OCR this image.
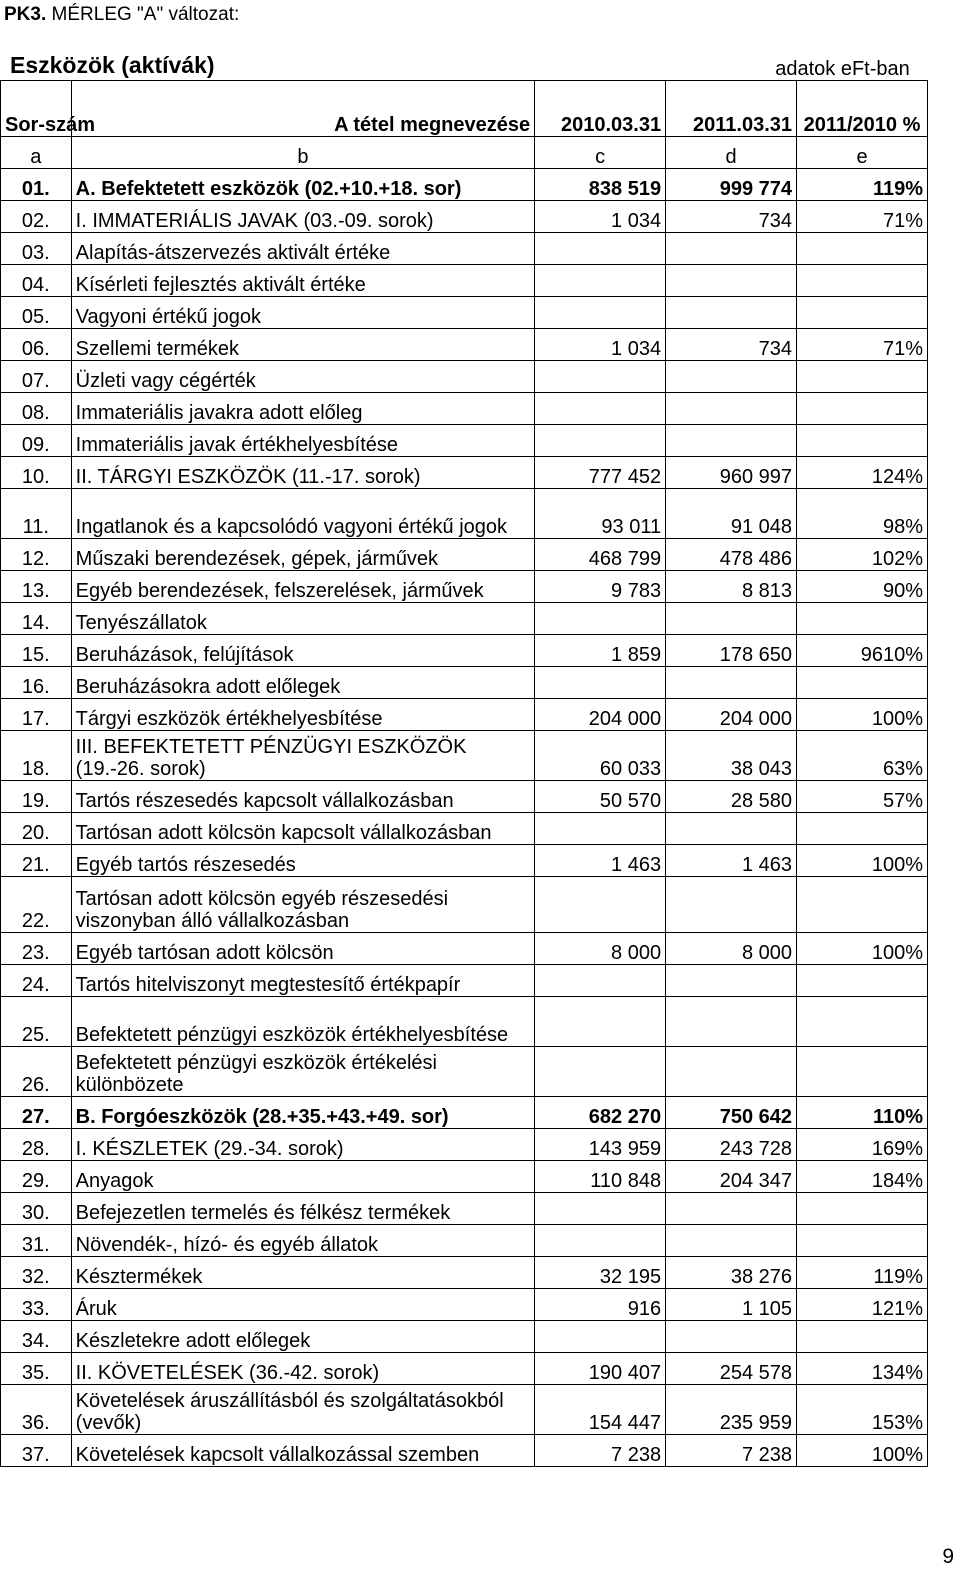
PK3. MÉRLEG "A" változat:
Eszközök (aktívák)	adatok eFt-ban
Sor-szám	A tétel megnevezése	2010.03.31	2011.03.31	2011/2010 %
a	b	c	d	e
01.	A. Befektetett eszközök (02.+10.+18. sor)	838 519	999 774	119%
02.	I. IMMATERIÁLIS JAVAK (03.-09. sorok)	1 034	734	71%
03.	Alapítás-átszervezés aktivált értéke			
04.	Kísérleti fejlesztés aktivált értéke			
05.	Vagyoni értékű jogok			
06.	Szellemi termékek	1 034	734	71%
07.	Üzleti vagy cégérték			
08.	Immateriális javakra adott előleg			
09.	Immateriális javak értékhelyesbítése			
10.	II. TÁRGYI ESZKÖZÖK (11.-17. sorok)	777 452	960 997	124%
11.	Ingatlanok és a kapcsolódó vagyoni értékű jogok	93 011	91 048	98%
12.	Műszaki berendezések, gépek, járművek	468 799	478 486	102%
13.	Egyéb berendezések, felszerelések, járművek	9 783	8 813	90%
14.	Tenyészállatok			
15.	Beruházások, felújítások	1 859	178 650	9610%
16.	Beruházásokra adott előlegek			
17.	Tárgyi eszközök értékhelyesbítése	204 000	204 000	100%
18.	III. BEFEKTETETT PÉNZÜGYI ESZKÖZÖK (19.-26. sorok)	60 033	38 043	63%
19.	Tartós részesedés kapcsolt vállalkozásban	50 570	28 580	57%
20.	Tartósan adott kölcsön kapcsolt vállalkozásban			
21.	Egyéb tartós részesedés	1 463	1 463	100%
22.	Tartósan adott kölcsön egyéb részesedési viszonyban álló vállalkozásban			
23.	Egyéb tartósan adott kölcsön	8 000	8 000	100%
24.	Tartós hitelviszonyt megtestesítő értékpapír			
25.	Befektetett pénzügyi eszközök értékhelyesbítése			
26.	Befektetett pénzügyi eszközök értékelési különbözete			
27.	B. Forgóeszközök (28.+35.+43.+49. sor)	682 270	750 642	110%
28.	I. KÉSZLETEK (29.-34. sorok)	143 959	243 728	169%
29.	Anyagok	110 848	204 347	184%
30.	Befejezetlen termelés és félkész termékek			
31.	Növendék-, hízó- és egyéb állatok			
32.	Késztermékek	32 195	38 276	119%
33.	Áruk	916	1 105	121%
34.	Készletekre adott előlegek			
35.	II. KÖVETELÉSEK (36.-42. sorok)	190 407	254 578	134%
36.	Követelések áruszállításból és szolgáltatásokból (vevők)	154 447	235 959	153%
37.	Követelések kapcsolt vállalkozással szemben	7 238	7 238	100%
9
